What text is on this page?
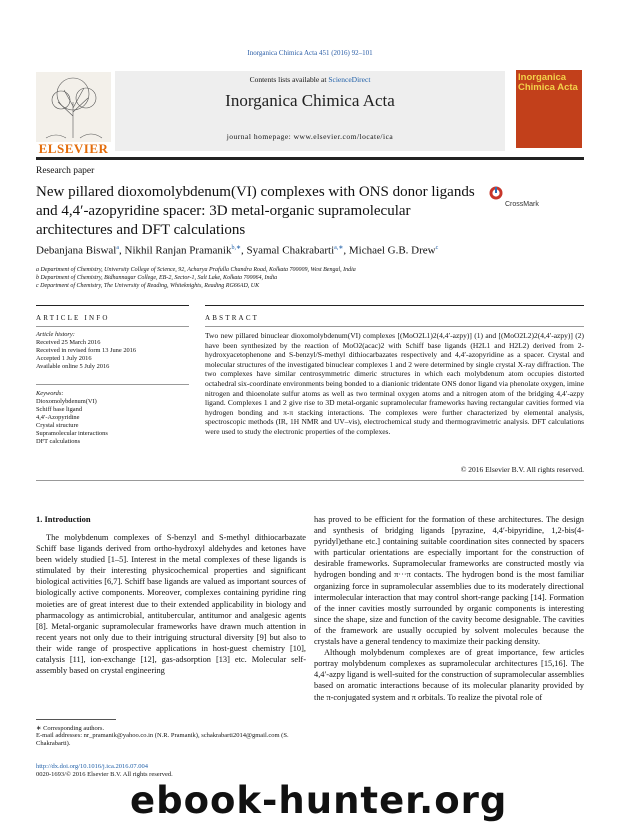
Inorganica Chimica Acta 451 (2016) 92–101
Contents lists available at ScienceDirect
Inorganica Chimica Acta
journal homepage: www.elsevier.com/locate/ica
ELSEVIER
Inorganica Chimica Acta
Research paper
New pillared dioxomolybdenum(VI) complexes with ONS donor ligands and 4,4′-azopyridine spacer: 3D metal-organic supramolecular architectures and DFT calculations
CrossMark
Debanjana Biswal$^a$, Nikhil Ranjan Pramanik$^{b,∗}$, Syamal Chakrabarti$^{a,∗}$, Michael G.B. Drew$^c$
a Department of Chemistry, University College of Science, 92, Acharya Prafulla Chandra Road, Kolkata 700009, West Bengal, India
b Department of Chemistry, Bidhannagar College, EB-2, Sector-1, Salt Lake, Kolkata 700064, India
c Department of Chemistry, The University of Reading, Whiteknights, Reading RG66AD, UK
ARTICLE INFO	ABSTRACT
Article history:
Received 25 March 2016
Received in revised form 13 June 2016
Accepted 1 July 2016
Available online 5 July 2016
Keywords:
Dioxomolybdenum(VI)
Schiff base ligand
4,4′-Azopyridine
Crystal structure
Supramolecular interactions
DFT calculations
Two new pillared binuclear dioxomolybdenum(VI) complexes [(MoO2L1)2(4,4′-azpy)] (1) and [(MoO2L2)2(4,4′-azpy)] (2) have been synthesized by the reaction of MoO2(acac)2 with Schiff base ligands (H2L1 and H2L2) derived from 2-hydroxyacetophenone and S-benzyl/S-methyl dithiocarbazates respectively and 4,4′-azopyridine as a spacer. Crystal and molecular structures of the investigated binuclear complexes 1 and 2 were determined by single crystal X-ray diffraction. The two complexes have similar centrosymmetric dimeric structures in which each molybdenum atom occupies distorted octahedral six-coordinate environments being bonded to a dianionic tridentate ONS donor ligand via phenolate oxygen, imine nitrogen and thioenolate sulfur atoms as well as two terminal oxygen atoms and a nitrogen atom of the bridging 4,4′-azpy ligand. Complexes 1 and 2 give rise to 3D metal-organic supramolecular frameworks having rectangular cavities formed via hydrogen bonding and π-π stacking interactions. The complexes were further characterized by elemental analysis, spectroscopic methods (IR, 1H NMR and UV–vis), electrochemical study and thermogravimetric analysis. DFT calculations were used to study the electronic properties of the complexes.
© 2016 Elsevier B.V. All rights reserved.
1. Introduction
The molybdenum complexes of S-benzyl and S-methyl dithiocarbazate Schiff base ligands derived from ortho-hydroxyl aldehydes and ketones have been widely studied [1–5]. Interest in the metal complexes of these ligands is stimulated by their interesting physicochemical properties and significant biological activities [6,7]. Schiff base ligands are valued as important sources of biologically active components. Moreover, complexes containing pyridine ring moieties are of great interest due to their extended applicability in biology and pharmacology as antimicrobial, antitubercular, antitumor and analgesic agents [8]. Metal-organic supramolecular frameworks have drawn much attention in recent years not only due to their intriguing structural diversity [9] but also to their wide range of prospective applications in host-guest chemistry [10], catalysis [11], ion-exchange [12], gas-adsorption [13] etc. Molecular self-assembly based on crystal engineering
has proved to be efficient for the formation of these architectures. The design and synthesis of bridging ligands [pyrazine, 4,4′-bipyridine, 1,2-bis(4-pyridyl)ethane etc.] containing suitable coordination sites connected by spacers with particular orientations are especially important for the construction of desirable frameworks. Supramolecular frameworks are constructed mostly via hydrogen bonding and π···π contacts. The hydrogen bond is the most familiar organizing force in supramolecular assemblies due to its moderately directional intermolecular interaction that may control short-range packing [14]. Formation of the inner cavities mostly surrounded by organic components is interesting since the shape, size and function of the cavity become designable. The cavities of the framework are usually occupied by solvent molecules because the crystals have a general tendency to maximize their packing density.
Although molybdenum complexes are of great importance, few articles portray molybdenum complexes as supramolecular architectures [15,16]. The 4,4′-azpy ligand is well-suited for the construction of supramolecular assemblies based on aromatic interactions because of its molecular planarity provided by the π-conjugated system and π orbitals. To realize the pivotal role of
∗ Corresponding authors.
E-mail addresses: nr_pramanik@yahoo.co.in (N.R. Pramanik), schakrabarti2014@gmail.com (S. Chakrabarti).
http://dx.doi.org/10.1016/j.ica.2016.07.004
0020-1693/© 2016 Elsevier B.V. All rights reserved.
ebook-hunter.org
